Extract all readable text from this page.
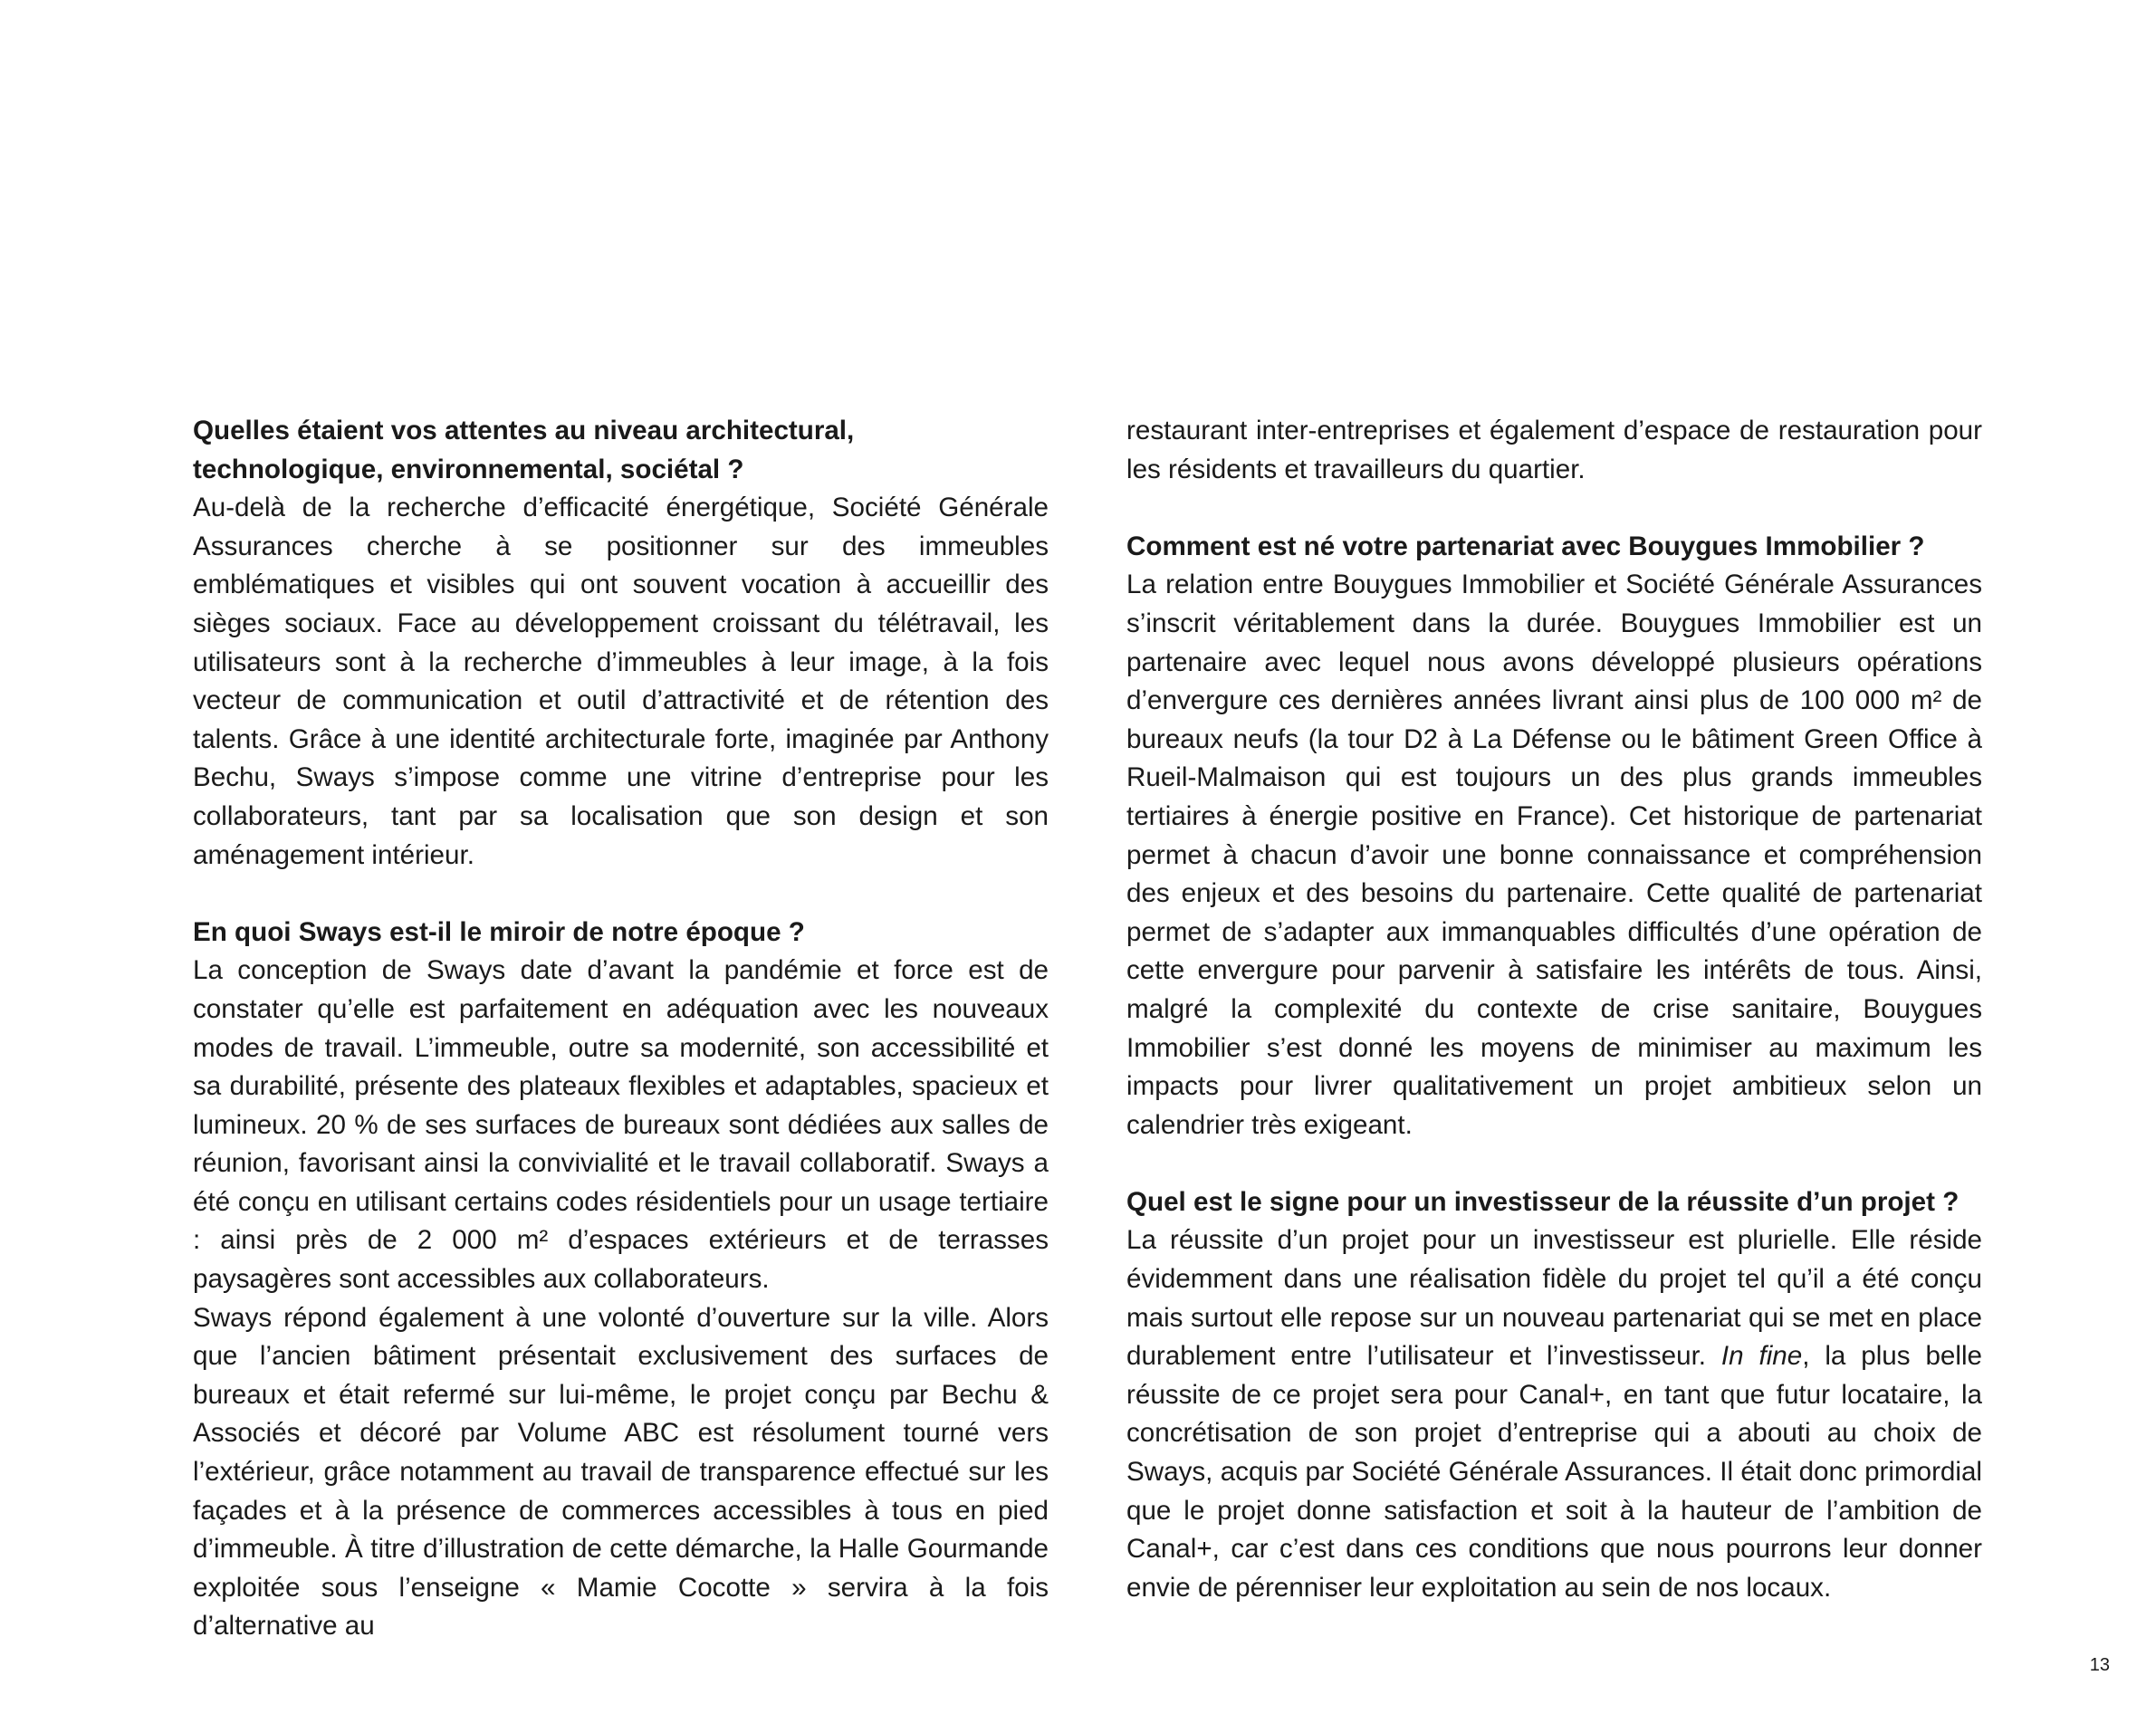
Quelles étaient vos attentes au niveau architectural, technologique, environnemental, sociétal ?

Au-delà de la recherche d’efficacité énergétique, Société Générale Assurances cherche à se positionner sur des immeubles emblématiques et visibles qui ont souvent vocation à accueillir des sièges sociaux. Face au développement croissant du télétravail, les utilisateurs sont à la recherche d’immeubles à leur image, à la fois vecteur de communication et outil d’attractivité et de rétention des talents. Grâce à une identité architecturale forte, imaginée par Anthony Bechu, Sways s’impose comme une vitrine d’entreprise pour les collaborateurs, tant par sa localisation que son design et son aménagement intérieur.

En quoi Sways est-il le miroir de notre époque ?

La conception de Sways date d’avant la pandémie et force est de constater qu’elle est parfaitement en adéquation avec les nouveaux modes de travail. L’immeuble, outre sa modernité, son accessibilité et sa durabilité, présente des plateaux flexibles et adaptables, spacieux et lumineux. 20 % de ses surfaces de bureaux sont dédiées aux salles de réunion, favorisant ainsi la convivialité et le travail collaboratif. Sways a été conçu en utilisant certains codes résidentiels pour un usage tertiaire : ainsi près de 2 000 m² d’espaces extérieurs et de terrasses paysagères sont accessibles aux collaborateurs.

Sways répond également à une volonté d’ouverture sur la ville. Alors que l’ancien bâtiment présentait exclusivement des surfaces de bureaux et était refermé sur lui-même, le projet conçu par Bechu & Associés et décoré par Volume ABC est résolument tourné vers l’extérieur, grâce notamment au travail de transparence effectué sur les façades et à la présence de commerces accessibles à tous en pied d’immeuble. À titre d’illustration de cette démarche, la Halle Gourmande exploitée sous l’enseigne « Mamie Cocotte » servira à la fois d’alternative au

restaurant inter-entreprises et également d’espace de restauration pour les résidents et travailleurs du quartier.

Comment est né votre partenariat avec Bouygues Immobilier ?

La relation entre Bouygues Immobilier et Société Générale Assurances s’inscrit véritablement dans la durée. Bouygues Immobilier est un partenaire avec lequel nous avons développé plusieurs opérations d’envergure ces dernières années livrant ainsi plus de 100 000 m² de bureaux neufs (la tour D2 à La Défense ou le bâtiment Green Office à Rueil-Malmaison qui est toujours un des plus grands immeubles tertiaires à énergie positive en France). Cet historique de partenariat permet à chacun d’avoir une bonne connaissance et compréhension des enjeux et des besoins du partenaire. Cette qualité de partenariat permet de s’adapter aux immanquables difficultés d’une opération de cette envergure pour parvenir à satisfaire les intérêts de tous. Ainsi, malgré la complexité du contexte de crise sanitaire, Bouygues Immobilier s’est donné les moyens de minimiser au maximum les impacts pour livrer qualitativement un projet ambitieux selon un calendrier très exigeant.

Quel est le signe pour un investisseur de la réussite d’un projet ?

La réussite d’un projet pour un investisseur est plurielle. Elle réside évidemment dans une réalisation fidèle du projet tel qu’il a été conçu mais surtout elle repose sur un nouveau partenariat qui se met en place durablement entre l’utilisateur et l’investisseur. In fine, la plus belle réussite de ce projet sera pour Canal+, en tant que futur locataire, la concrétisation de son projet d’entreprise qui a abouti au choix de Sways, acquis par Société Générale Assurances. Il était donc primordial que le projet donne satisfaction et soit à la hauteur de l’ambition de Canal+, car c’est dans ces conditions que nous pourrons leur donner envie de pérenniser leur exploitation au sein de nos locaux.

13
